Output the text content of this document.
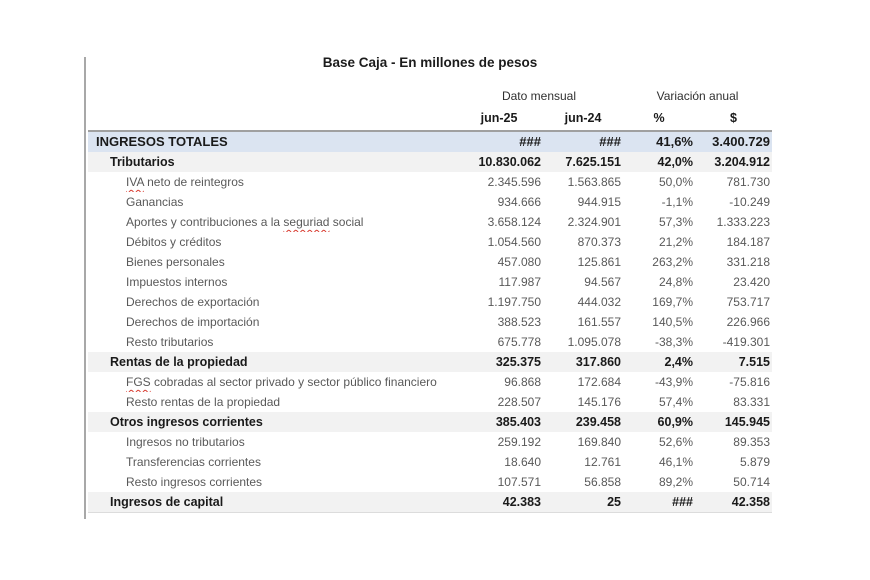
Base Caja - En millones de pesos
Dato mensual	Variación anual
jun-25	jun-24	%	$
INGRESOS TOTALES	###	###	41,6%	3.400.729
Tributarios	10.830.062	7.625.151	42,0%	3.204.912
IVA neto de reintegros	2.345.596	1.563.865	50,0%	781.730
Ganancias	934.666	944.915	-1,1%	-10.249
Aportes y contribuciones a la seguriad social	3.658.124	2.324.901	57,3%	1.333.223
Débitos y créditos	1.054.560	870.373	21,2%	184.187
Bienes personales	457.080	125.861	263,2%	331.218
Impuestos internos	117.987	94.567	24,8%	23.420
Derechos de exportación	1.197.750	444.032	169,7%	753.717
Derechos de importación	388.523	161.557	140,5%	226.966
Resto tributarios	675.778	1.095.078	-38,3%	-419.301
Rentas de la propiedad	325.375	317.860	2,4%	7.515
FGS cobradas al sector privado y sector público financiero	96.868	172.684	-43,9%	-75.816
Resto rentas de la propiedad	228.507	145.176	57,4%	83.331
Otros ingresos corrientes	385.403	239.458	60,9%	145.945
Ingresos no tributarios	259.192	169.840	52,6%	89.353
Transferencias corrientes	18.640	12.761	46,1%	5.879
Resto ingresos corrientes	107.571	56.858	89,2%	50.714
Ingresos de capital	42.383	25	###	42.358
